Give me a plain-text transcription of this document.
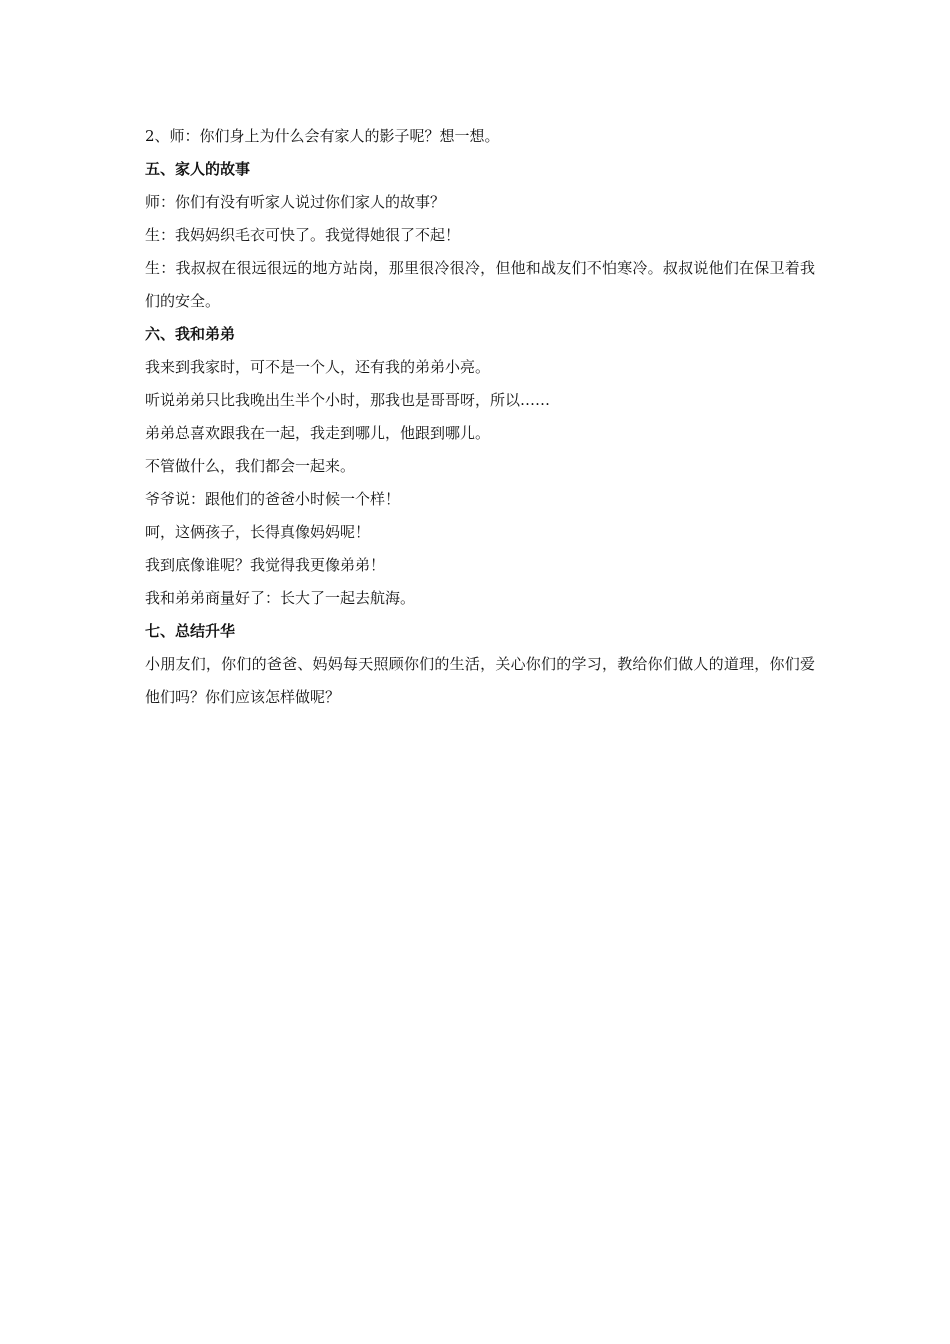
2、师：你们身上为什么会有家人的影子呢？想一想。
五、家人的故事
师：你们有没有听家人说过你们家人的故事？
生：我妈妈织毛衣可快了。我觉得她很了不起！
生：我叔叔在很远很远的地方站岗，那里很冷很冷，但他和战友们不怕寒冷。叔叔说他们在保卫着我们的安全。
六、我和弟弟
我来到我家时，可不是一个人，还有我的弟弟小亮。
听说弟弟只比我晚出生半个小时，那我也是哥哥呀，所以……
弟弟总喜欢跟我在一起，我走到哪儿，他跟到哪儿。
不管做什么，我们都会一起来。
爷爷说：跟他们的爸爸小时候一个样！
呵，这俩孩子，长得真像妈妈呢！
我到底像谁呢？我觉得我更像弟弟！
我和弟弟商量好了：长大了一起去航海。
七、总结升华
小朋友们，你们的爸爸、妈妈每天照顾你们的生活，关心你们的学习，教给你们做人的道理，你们爱他们吗？你们应该怎样做呢？
